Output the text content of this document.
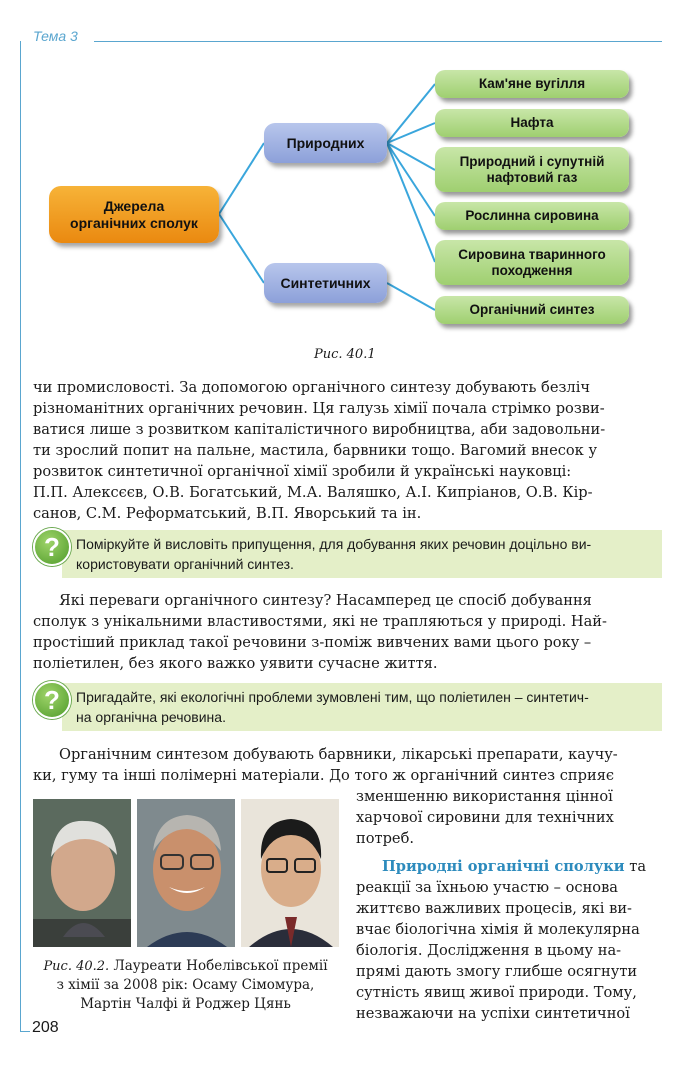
Тема 3
208
Джерела
органічних сполук
Природних
Синтетичних
Кам'яне вугілля
Нафта
Природний і супутній
нафтовий газ
Рослинна сировина
Сировина тваринного
походження
Органічний синтез
Рис. 40.1
чи промисловості. За допомогою органічного синтезу добувають безліч
різноманітних органічних речовин. Ця галузь хімії почала стрімко розви-
ватися лише з розвитком капіталістичного виробництва, аби задовольни-
ти зрослий попит на пальне, мастила, барвники тощо. Вагомий внесок у
розвиток синтетичної органічної хімії зробили й українські науковці:
П.П. Алексєєв, О.В. Богатський, М.А. Валяшко, А.І. Кипріанов, О.В. Кір-
санов, С.М. Реформатський, В.П. Яворський та ін.
Поміркуйте й висловіть припущення, для добування яких речовин доцільно ви-
користовувати органічний синтез.
?
Які переваги органічного синтезу? Насамперед це спосіб добування
сполук з унікальними властивостями, які не трапляються у природі. Най-
простіший приклад такої речовини з-поміж вивчених вами цього року –
поліетилен, без якого важко уявити сучасне життя.
Пригадайте, які екологічні проблеми зумовлені тим, що поліетилен – синтетич-
на органічна речовина.
?
Органічним синтезом добувають барвники, лікарські препарати, каучу-
ки, гуму та інші полімерні матеріали. До того ж органічний синтез сприяє
зменшенню використання цінної
харчової сировини для технічних
потреб.
Природні органічні сполуки та
реакції за їхньою участю – основа
життєво важливих процесів, які ви-
вчає біологічна хімія й молекулярна
біологія. Дослідження в цьому на-
прямі дають змогу глибше осягнути
сутність явищ живої природи. Тому,
незважаючи на успіхи синтетичної
Рис. 40.2. Лауреати Нобелівської премії
з хімії за 2008 рік: Осаму Сімомура,
Мартін Чалфі й Роджер Цянь
